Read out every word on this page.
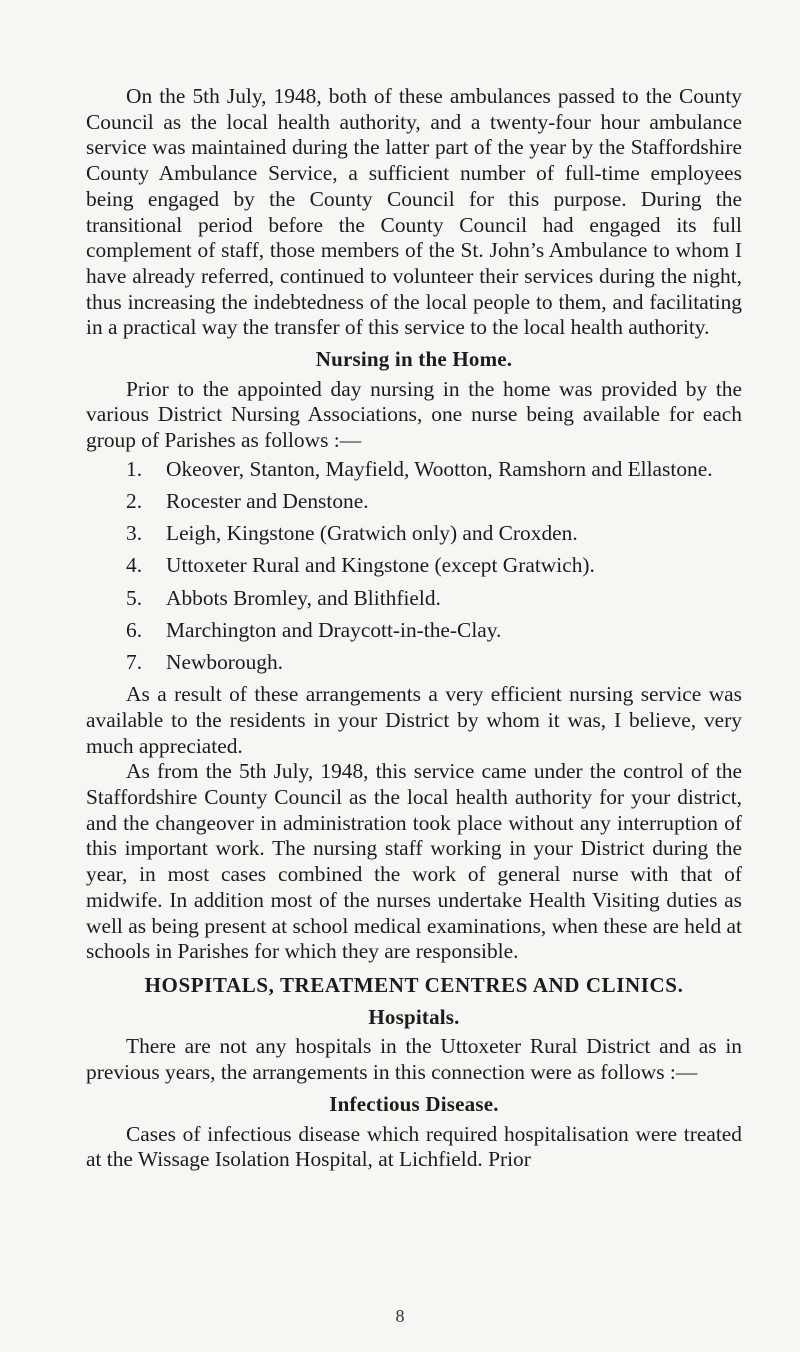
On the 5th July, 1948, both of these ambulances passed to the County Council as the local health authority, and a twenty-four hour ambulance service was maintained during the latter part of the year by the Staffordshire County Ambulance Service, a sufficient number of full-time employees being engaged by the County Council for this purpose. During the transitional period before the County Council had engaged its full complement of staff, those members of the St. John’s Ambulance to whom I have already referred, continued to volunteer their services during the night, thus increasing the indebtedness of the local people to them, and facilitating in a practical way the transfer of this service to the local health authority.

Nursing in the Home.

Prior to the appointed day nursing in the home was provided by the various District Nursing Associations, one nurse being available for each group of Parishes as follows :—

1.	Okeover, Stanton, Mayfield, Wootton, Ramshorn and Ellastone.
2.	Rocester and Denstone.
3.	Leigh, Kingstone (Gratwich only) and Croxden.
4.	Uttoxeter Rural and Kingstone (except Gratwich).
5.	Abbots Bromley, and Blithfield.
6.	Marchington and Draycott-in-the-Clay.
7.	Newborough.

As a result of these arrangements a very efficient nursing service was available to the residents in your District by whom it was, I believe, very much appreciated.

As from the 5th July, 1948, this service came under the control of the Staffordshire County Council as the local health authority for your district, and the changeover in administration took place without any interruption of this important work. The nursing staff working in your District during the year, in most cases combined the work of general nurse with that of midwife. In addition most of the nurses undertake Health Visiting duties as well as being present at school medical examinations, when these are held at schools in Parishes for which they are responsible.

HOSPITALS, TREATMENT CENTRES AND CLINICS.
Hospitals.

There are not any hospitals in the Uttoxeter Rural District and as in previous years, the arrangements in this connection were as follows :—

Infectious Disease.

Cases of infectious disease which required hospitalisation were treated at the Wissage Isolation Hospital, at Lichfield. Prior

8
